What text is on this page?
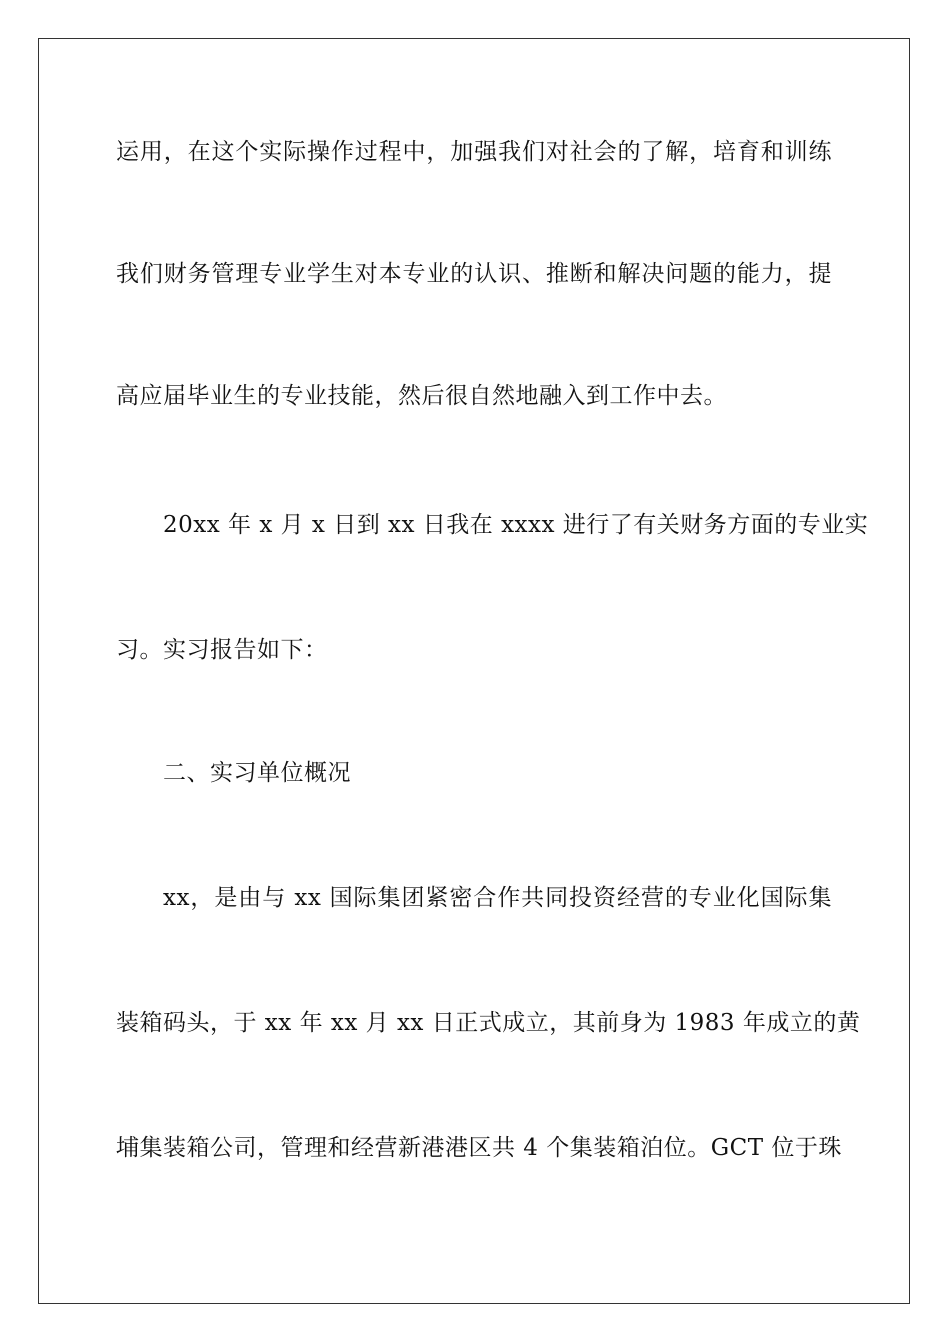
运用，在这个实际操作过程中，加强我们对社会的了解，培育和训练
我们财务管理专业学生对本专业的认识、推断和解决问题的能力，提
高应届毕业生的专业技能，然后很自然地融入到工作中去。
20xx 年 x 月 x 日到 xx 日我在 xxxx 进行了有关财务方面的专业实
习。实习报告如下：
二、实习单位概况
xx，是由与 xx 国际集团紧密合作共同投资经营的专业化国际集
装箱码头，于 xx 年 xx 月 xx 日正式成立，其前身为 1983 年成立的黄
埔集装箱公司，管理和经营新港港区共 4 个集装箱泊位。GCT 位于珠
